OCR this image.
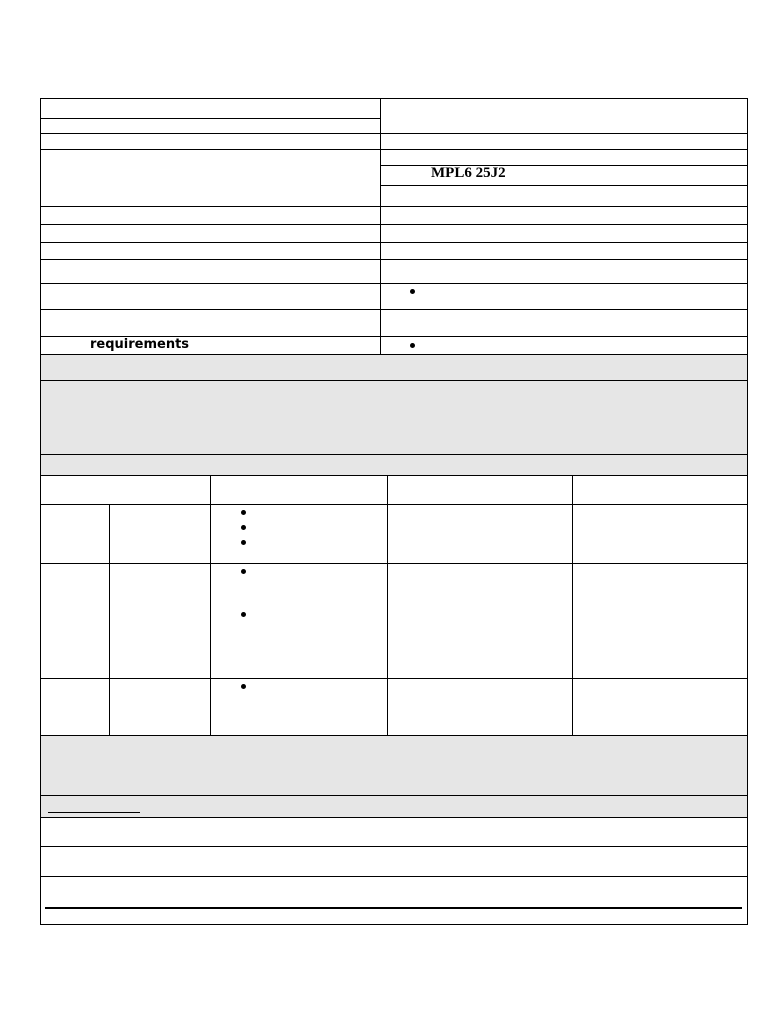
MPL6 25J2
requirements
